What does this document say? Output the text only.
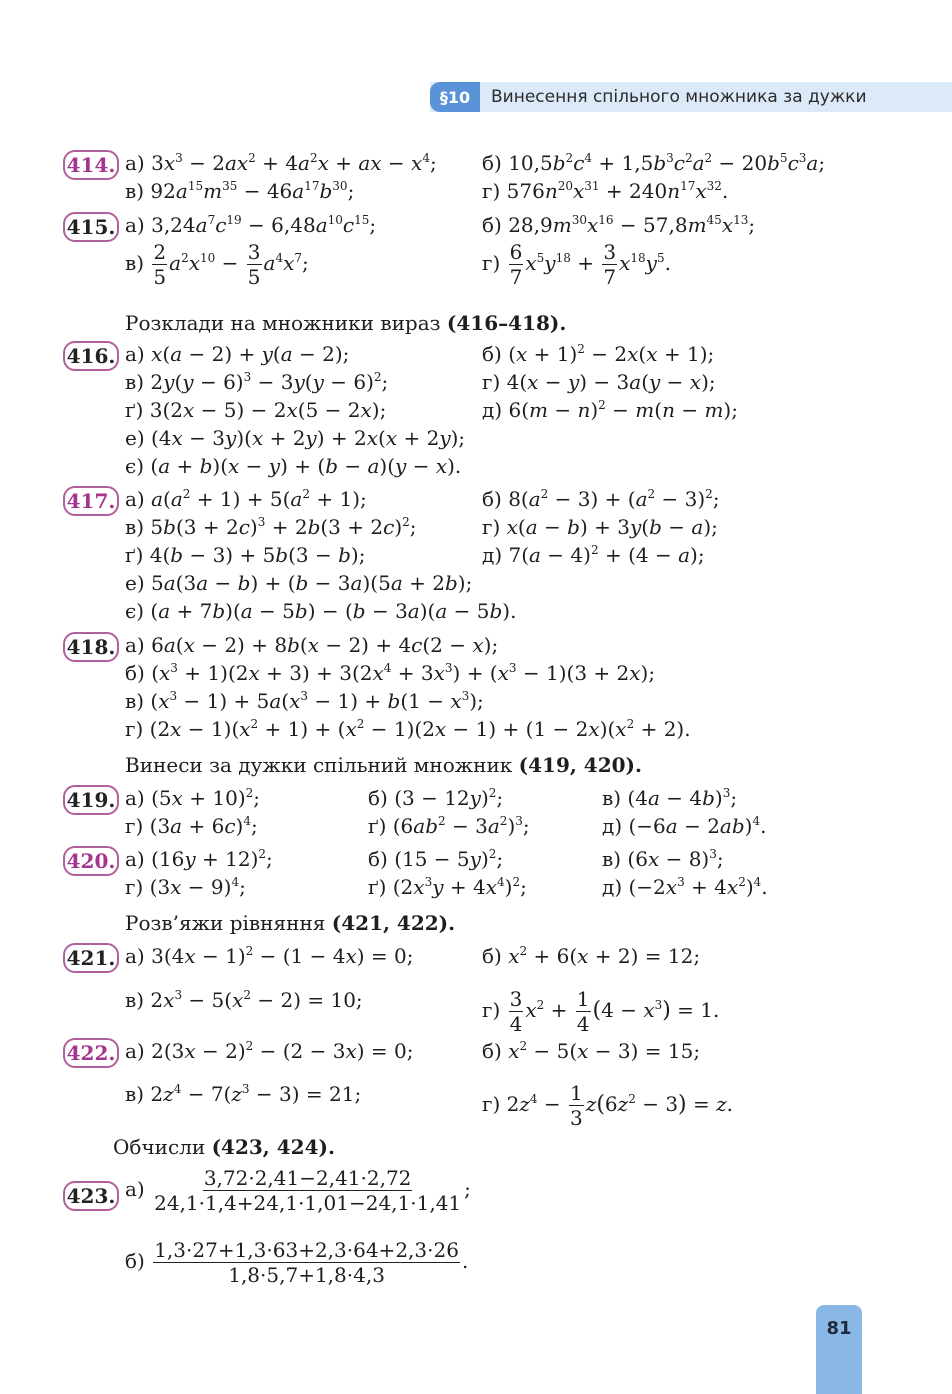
§10	Винесення спільного множника за дужки
414. а) $3x^3 - 2ax^2 + 4a^2x$ + ax − $x^4$; б) $10,5b^2c^4 + 1,5b^3c^2a^2 - 20b^5c^3a$;
в) $92a^{15}m^{35} - 46a^{17}b^{30}$;	г) $576n^{20}x^{31} + 240n^{17}x^{32}$.
415. а) $3,24a^7c^{19} - 6,48a^{10}c^{15}$;	б) $28,9m^{30}x^{16} - 57,8m^{45}x^{13}$;
$в) \frac{2}{5} a^2x^{10} - \frac{3}{5} a^4x^7$;	$г) \frac{6}{7} x^5y^{18} + \frac{3}{7} x^{18}y^5$.
Розклади на множники вираз (416–418).
416. а) x(a − 2) + y(a − 2);	б) $(x + 1)^2 - 2x(x + 1)$;
в) $2y(y - 6)^3 - 3y(y - 6)^2$;	г) 4(x − y) − 3a(y − x);
ґ) 3(2x − 5) − 2x(5 − 2x);	д) $6(m - n)^2 - m(n - m)$;
е) (4x − 3y)(x + 2y) + 2x(x + 2y);
є) (a + b)(x − y) + (b − a)(y − x).
417. а) $a(a^2 + 1) + 5(a^2 + 1)$;	б) $8(a^2 - 3) + (a^2 - 3)^2$;
в) $5b(3 + 2c)^3 + 2b(3 + 2c)^2$;	г) x(a − b) + 3y(b − a);
ґ) 4(b − 3) + 5b(3 − b);	д) $7(a - 4)^2 + (4 - a)$;
е) 5a(3a − b) + (b − 3a)(5a + 2b);
є) (a + 7b)(a − 5b) − (b − 3a)(a − 5b).
418. а) 6a(x − 2) + 8b(x − 2) + 4c(2 − x);
б) $(x^3 + 1)(2x + 3) + 3(2x^4 + 3x^3) + (x^3 - 1)(3 + 2x)$;
в) $(x^3 - 1) + 5a(x^3 - 1) + b(1 - x^3)$;
г) $(2x - 1)(x^2 + 1) + (x^2 - 1)(2x - 1) + (1 - 2x)(x^2 + 2)$.
Винеси за дужки спільний множник (419, 420).
419. а) $(5x + 10)^2$;	б) $(3 - 12y)^2$;	в) $(4a - 4b)^3$;
г) $(3a + 6c)^4$;	ґ) $(6ab^2 - 3a^2)^3$;	д) $(-6a - 2ab)^4$.
420. а) $(16y + 12)^2$;	б) $(15 - 5y)^2$;	в) $(6x - 8)^3$;
г) $(3x - 9)^4$;	ґ) $(2x^3y + 4x^4)^2$;	д) $(-2x^3 + 4x^2)^4$.
Розв’яжи рівняння (421, 422).
421. а) $3(4x - 1)^2 - (1 - 4x) = 0$;	б) $x^2 + 6(x + 2) = 12$;
в) $2x^3 - 5(x^2 - 2) = 10$;	$г) \frac{3}{4} x^2 + \frac{1}{4} (4 - x^3) = 1$.
422. а) $2(3x - 2)^2 - (2 - 3x) = 0$;	б) $x^2 - 5(x - 3) = 15$;
в) $2z^4 - 7(z^3 - 3) = 21$;	г) $2z^4 - \frac{1}{3} z(6z^2 - 3) = z$.
Обчисли (423, 424).
423. $а) \frac{3,72\cdot 2,41-2,41\cdot 2,72}{24,1\cdot 1,4+24,1\cdot 1,01-24,1\cdot 1,41}$ ;
$б) \frac{1,3\cdot 27+1,3\cdot 63+2,3\cdot 64+2,3\cdot 26}{1,8\cdot 5,7+1,8\cdot 4,3}$ .
81
